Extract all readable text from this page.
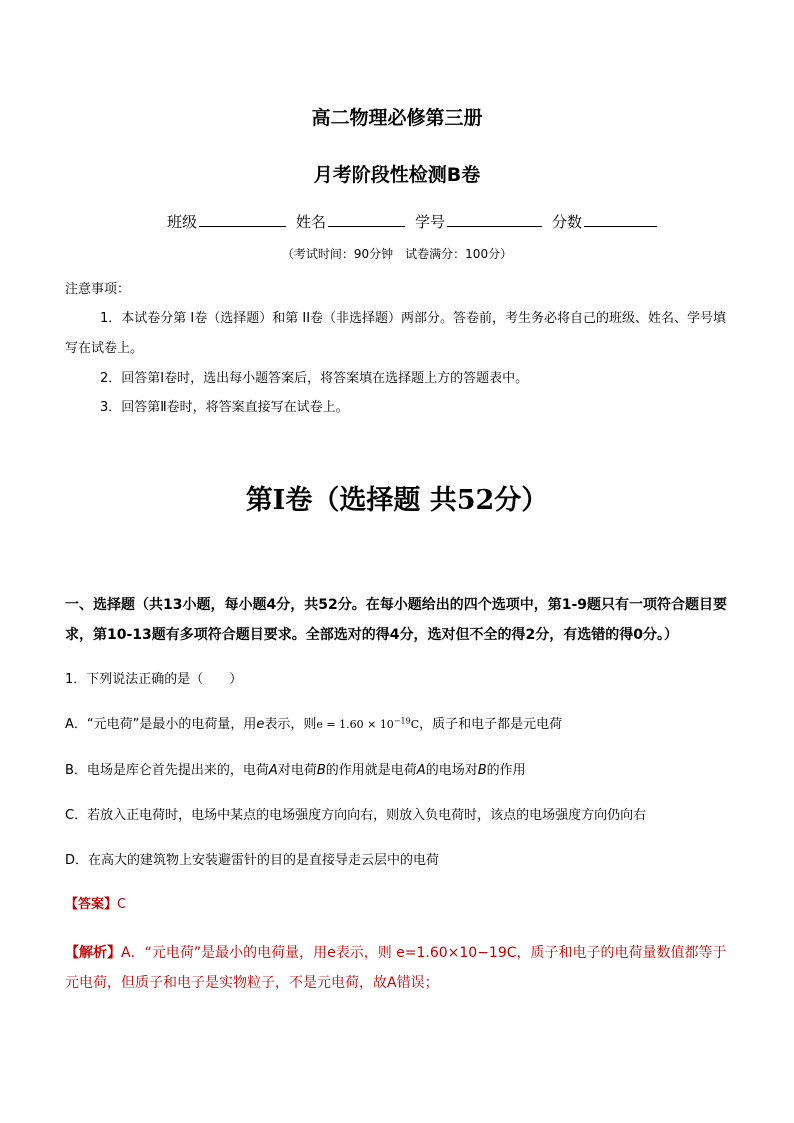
高二物理必修第三册
月考阶段性检测B卷
班级	姓名	学号	分数
（考试时间：90分钟　试卷满分：100分）
注意事项：
1．本试卷分第 I卷（选择题）和第 II卷（非选择题）两部分。答卷前，考生务必将自己的班级、姓名、学号填写在试卷上。
2．回答第Ⅰ卷时，选出每小题答案后，将答案填在选择题上方的答题表中。
3．回答第Ⅱ卷时，将答案直接写在试卷上。
第Ⅰ卷（选择题 共52分）
一、选择题（共13小题，每小题4分，共52分。在每小题给出的四个选项中，第1-9题只有一项符合题目要求，第10-13题有多项符合题目要求。全部选对的得4分，选对但不全的得2分，有选错的得0分。）
1．下列说法正确的是（　　）
A．“元电荷”是最小的电荷量，用e表示，则$e = 1.60 \times 10^{-19}C$，质子和电子都是元电荷
B．电场是库仑首先提出来的，电荷A对电荷B的作用就是电荷A的电场对B的作用
C．若放入正电荷时，电场中某点的电场强度方向向右，则放入负电荷时，该点的电场强度方向仍向右
D．在高大的建筑物上安装避雷针的目的是直接导走云层中的电荷
【答案】C
【解析】A．“元电荷”是最小的电荷量，用e表示，则 e=1.60×10−19C，质子和电子的电荷量数值都等于元电荷，但质子和电子是实物粒子，不是元电荷，故A错误；
